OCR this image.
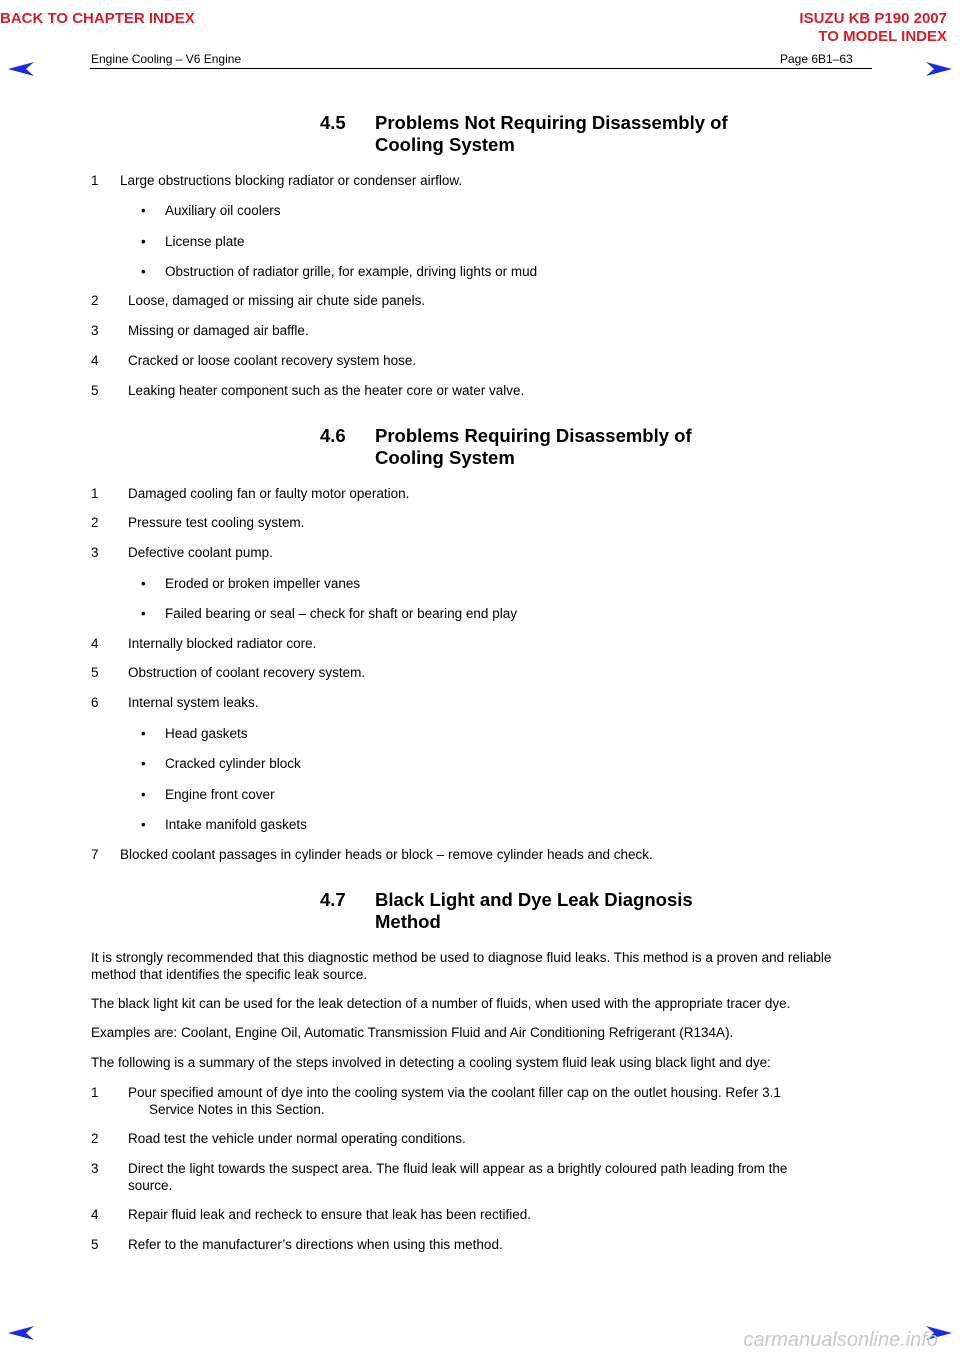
BACK TO CHAPTER INDEX	ISUZU KB P190 2007
TO MODEL INDEX
Engine Cooling – V6 Engine	Page 6B1–63
4.5 Problems Not Requiring Disassembly of
Cooling System
1 Large obstructions blocking radiator or condenser airflow.
• Auxiliary oil coolers
• License plate
• Obstruction of radiator grille, for example, driving lights or mud
2 Loose, damaged or missing air chute side panels.
3 Missing or damaged air baffle.
4 Cracked or loose coolant recovery system hose.
5 Leaking heater component such as the heater core or water valve.
4.6 Problems Requiring Disassembly of
Cooling System
1 Damaged cooling fan or faulty motor operation.
2 Pressure test cooling system.
3 Defective coolant pump.
• Eroded or broken impeller vanes
• Failed bearing or seal – check for shaft or bearing end play
4 Internally blocked radiator core.
5 Obstruction of coolant recovery system.
6 Internal system leaks.
• Head gaskets
• Cracked cylinder block
• Engine front cover
• Intake manifold gaskets
7 Blocked coolant passages in cylinder heads or block – remove cylinder heads and check.
4.7 Black Light and Dye Leak Diagnosis
Method
It is strongly recommended that this diagnostic method be used to diagnose fluid leaks. This method is a proven and reliable method that identifies the specific leak source.
The black light kit can be used for the leak detection of a number of fluids, when used with the appropriate tracer dye.
Examples are: Coolant, Engine Oil, Automatic Transmission Fluid and Air Conditioning Refrigerant (R134A).
The following is a summary of the steps involved in detecting a cooling system fluid leak using black light and dye:
1 Pour specified amount of dye into the cooling system via the coolant filler cap on the outlet housing. Refer 3.1
Service Notes in this Section.
2 Road test the vehicle under normal operating conditions.
3 Direct the light towards the suspect area. The fluid leak will appear as a brightly coloured path leading from the
source.
4 Repair fluid leak and recheck to ensure that leak has been rectified.
5 Refer to the manufacturer’s directions when using this method.
carmanualsonline.info
